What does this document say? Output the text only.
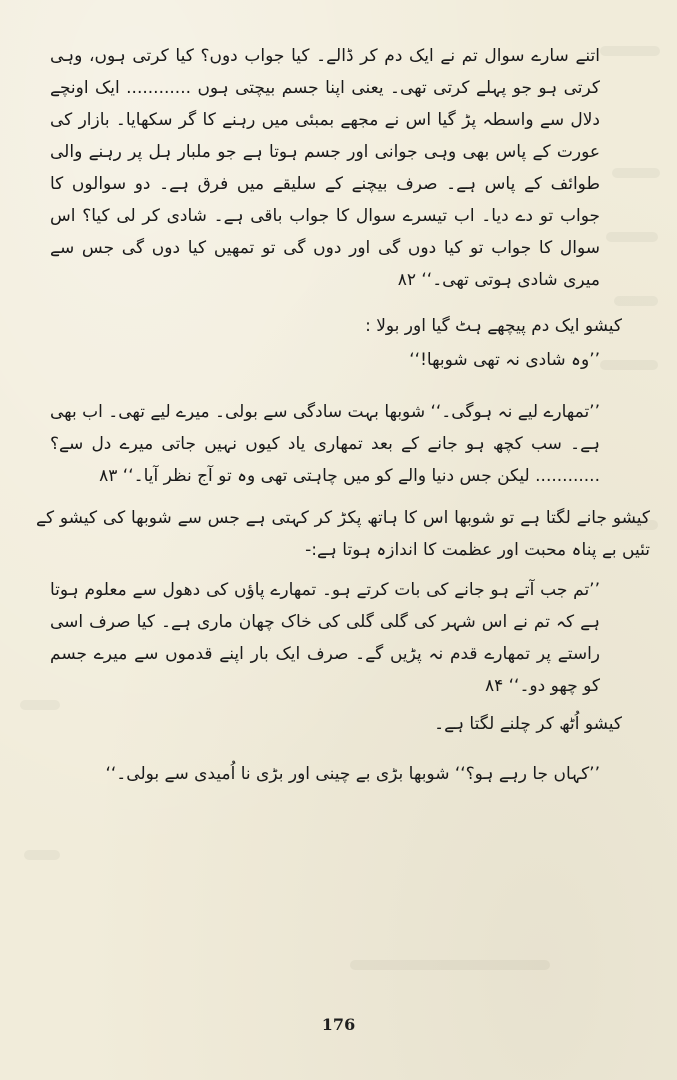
اتنے سارے سوال تم نے ایک دم کر ڈالے۔ کیا جواب دوں؟ کیا کرتی ہوں، وہی کرتی ہو جو پہلے کرتی تھی۔ یعنی اپنا جسم بیچتی ہوں ............ ایک اونچے دلال سے واسطہ پڑ گیا اس نے مجھے بمبئی میں رہنے کا گر سکھایا۔ بازار کی عورت کے پاس بھی وہی جوانی اور جسم ہوتا ہے جو ملبار ہل پر رہنے والی طوائف کے پاس ہے۔ صرف بیچنے کے سلیقے میں فرق ہے۔ دو سوالوں کا جواب تو دے دیا۔ اب تیسرے سوال کا جواب باقی ہے۔ شادی کر لی کیا؟ اس سوال کا جواب تو کیا دوں گی اور دوں گی تو تمھیں کیا دوں گی جس سے میری شادی ہوتی تھی۔‘‘ ۸۲

کیشو ایک دم پیچھے ہٹ گیا اور بولا :

’’وہ شادی نہ تھی شوبھا!‘‘

’’تمھارے لیے نہ ہوگی۔‘‘ شوبھا بہت سادگی سے بولی۔ میرے لیے تھی۔ اب بھی ہے۔ سب کچھ ہو جانے کے بعد تمھاری یاد کیوں نہیں جاتی میرے دل سے؟ ............ لیکن جس دنیا والے کو میں چاہتی تھی وہ تو آج نظر آیا۔‘‘ ۸۳

کیشو جانے لگتا ہے تو شوبھا اس کا ہاتھ پکڑ کر کہتی ہے جس سے شوبھا کی کیشو کے تئیں بے پناہ محبت اور عظمت کا اندازہ ہوتا ہے:-

’’تم جب آتے ہو جانے کی بات کرتے ہو۔ تمھارے پاؤں کی دھول سے معلوم ہوتا ہے کہ تم نے اس شہر کی گلی گلی کی خاک چھان ماری ہے۔ کیا صرف اسی راستے پر تمھارے قدم نہ پڑیں گے۔ صرف ایک بار اپنے قدموں سے میرے جسم کو چھو دو۔‘‘ ۸۴

کیشو اُٹھ کر چلنے لگتا ہے۔

’’کہاں جا رہے ہو؟‘‘ شوبھا بڑی بے چینی اور بڑی نا اُمیدی سے بولی۔‘‘

176
